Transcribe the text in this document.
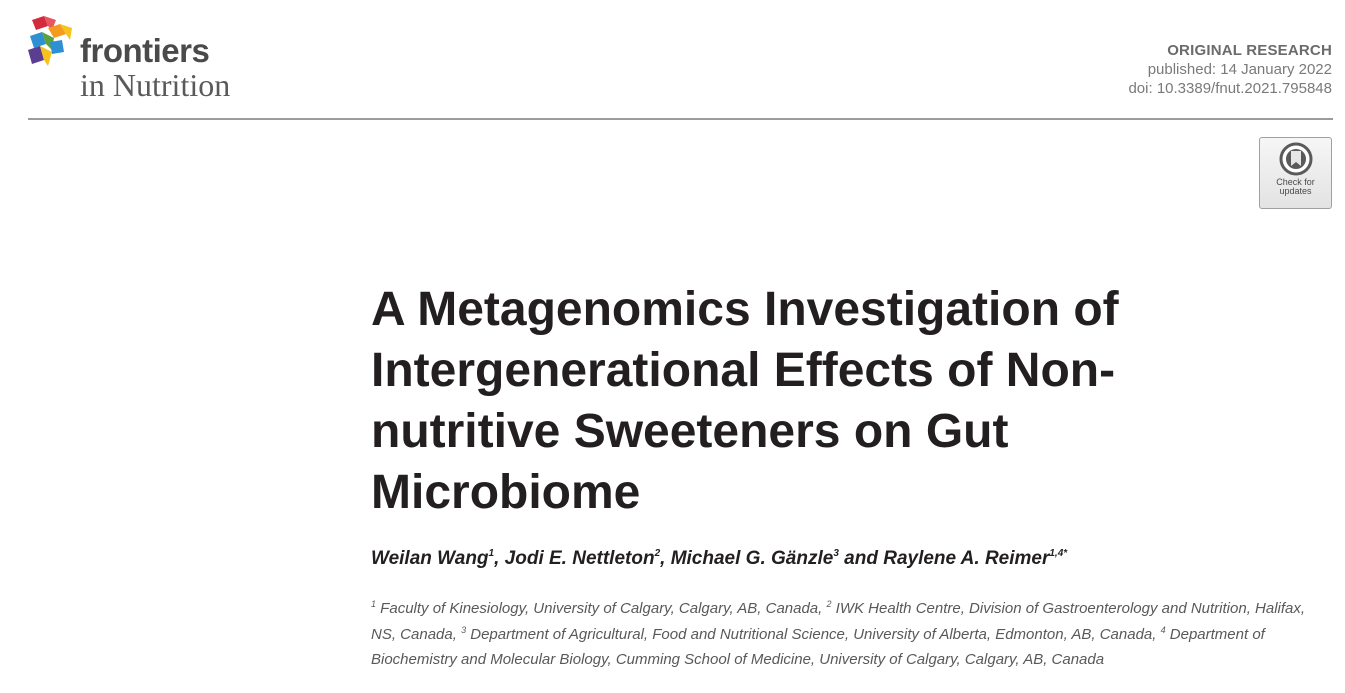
frontiers
in Nutrition
ORIGINAL RESEARCH
published: 14 January 2022
doi: 10.3389/fnut.2021.795848
Check for
updates
A Metagenomics Investigation of Intergenerational Effects of Non-nutritive Sweeteners on Gut Microbiome
Weilan Wang$^1$, Jodi E. Nettleton$^2$, Michael G. Gänzle$^3$ and Raylene A. Reimer$^{1,4*}$
$^1$ Faculty of Kinesiology, University of Calgary, Calgary, AB, Canada, $^2$ IWK Health Centre, Division of Gastroenterology and Nutrition, Halifax, NS, Canada, $^3$ Department of Agricultural, Food and Nutritional Science, University of Alberta, Edmonton, AB, Canada, $^4$ Department of Biochemistry and Molecular Biology, Cumming School of Medicine, University of Calgary, Calgary, AB, Canada
